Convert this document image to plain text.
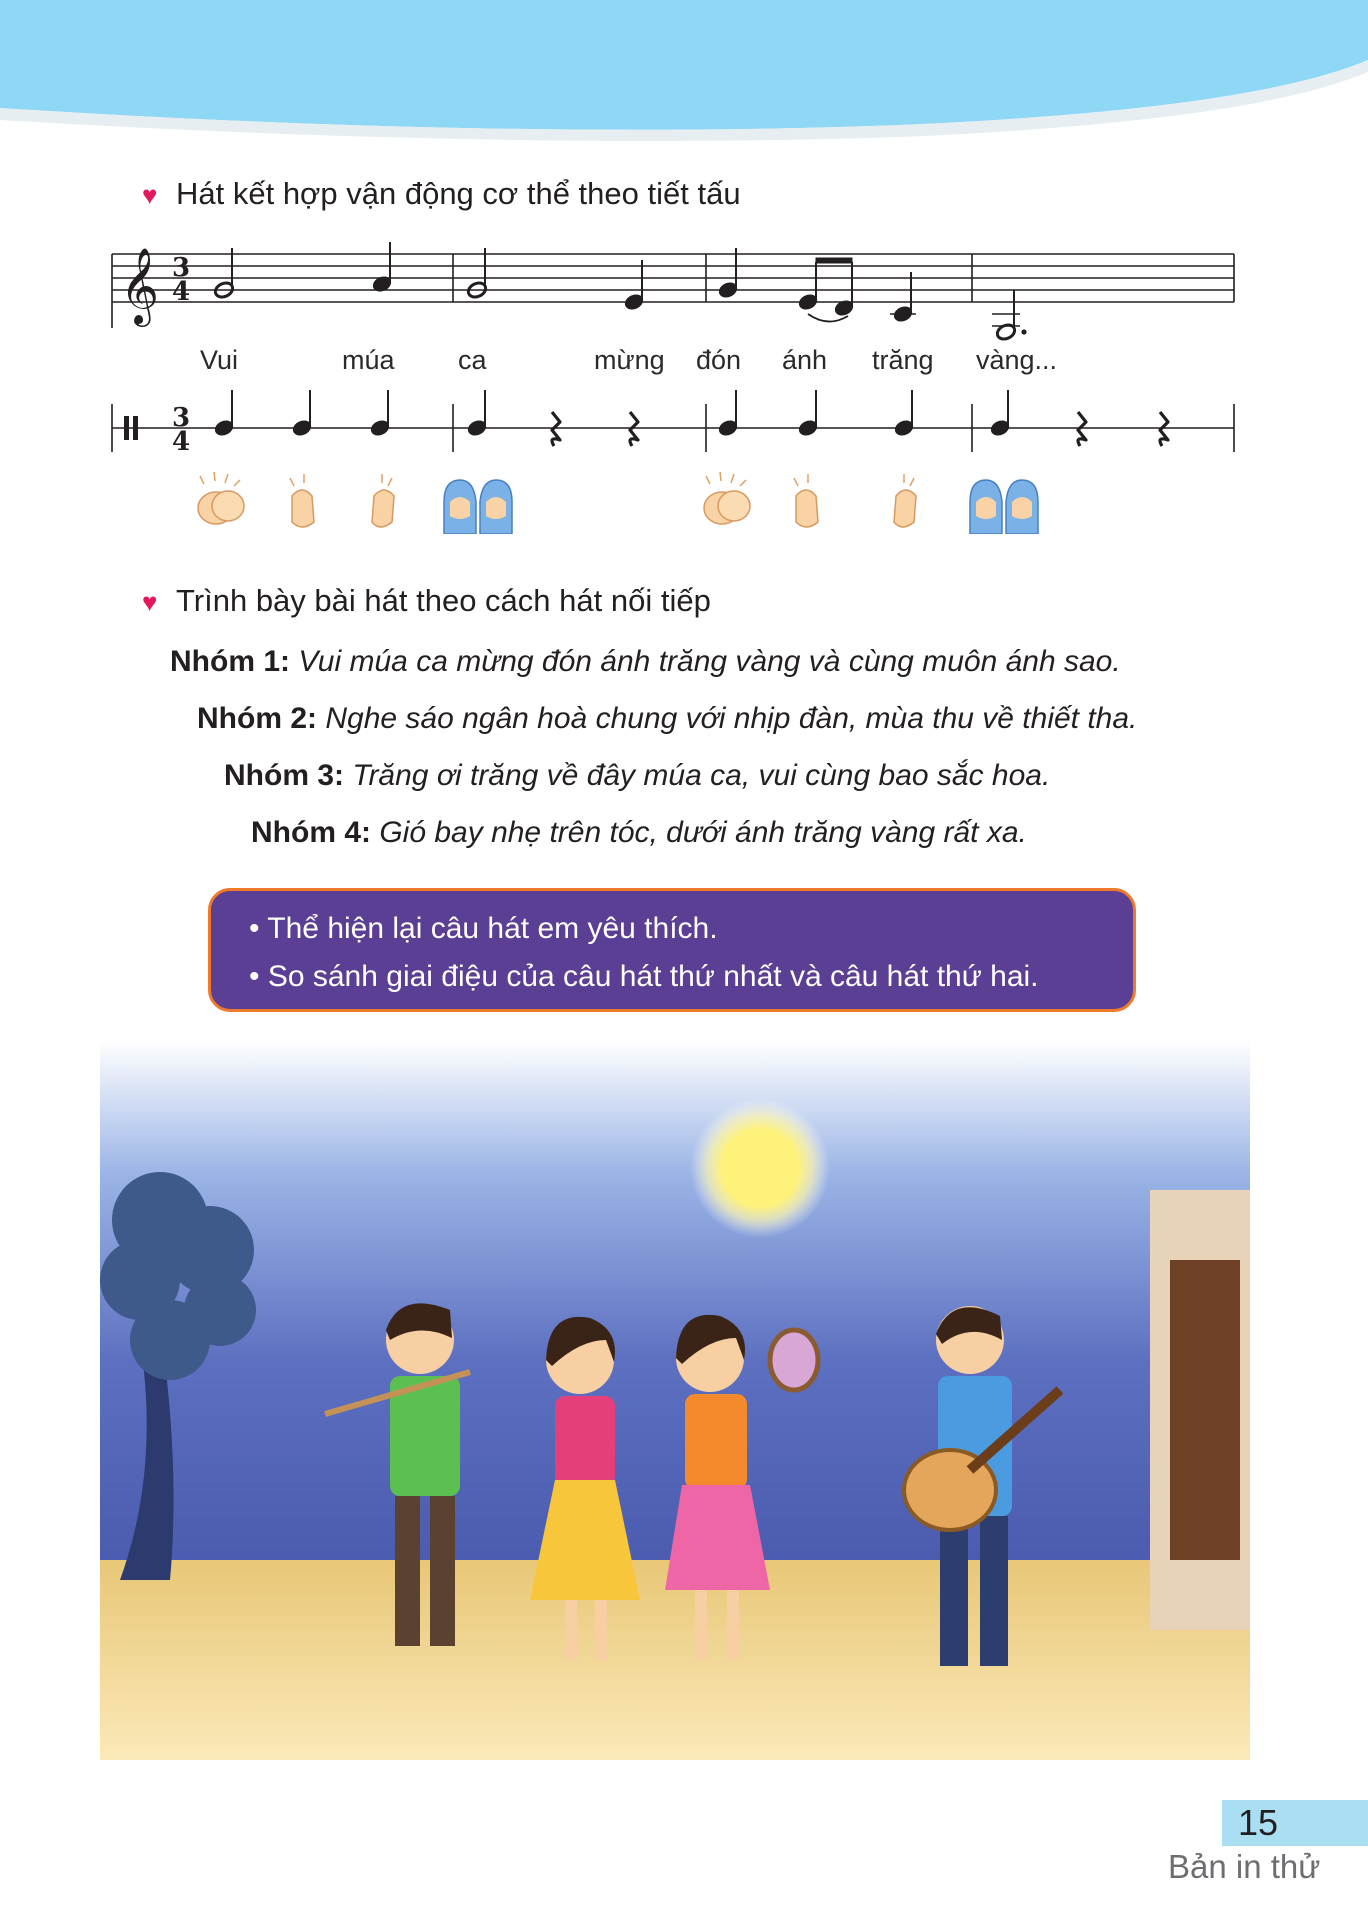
♥ Hát kết hợp vận động cơ thể theo tiết tấu
𝄞 3
4
Vui	múa ca	mừng đón ánh trăng vàng...
3
4
♥ Trình bày bài hát theo cách hát nối tiếp
Nhóm 1: Vui múa ca mừng đón ánh trăng vàng và cùng muôn ánh sao.
Nhóm 2: Nghe sáo ngân hoà chung với nhịp đàn, mùa thu về thiết tha.
Nhóm 3: Trăng ơi trăng về đây múa ca, vui cùng bao sắc hoa.
Nhóm 4: Gió bay nhẹ trên tóc, dưới ánh trăng vàng rất xa.
• Thể hiện lại câu hát em yêu thích.
• So sánh giai điệu của câu hát thứ nhất và câu hát thứ hai.
15
Bản in thử
